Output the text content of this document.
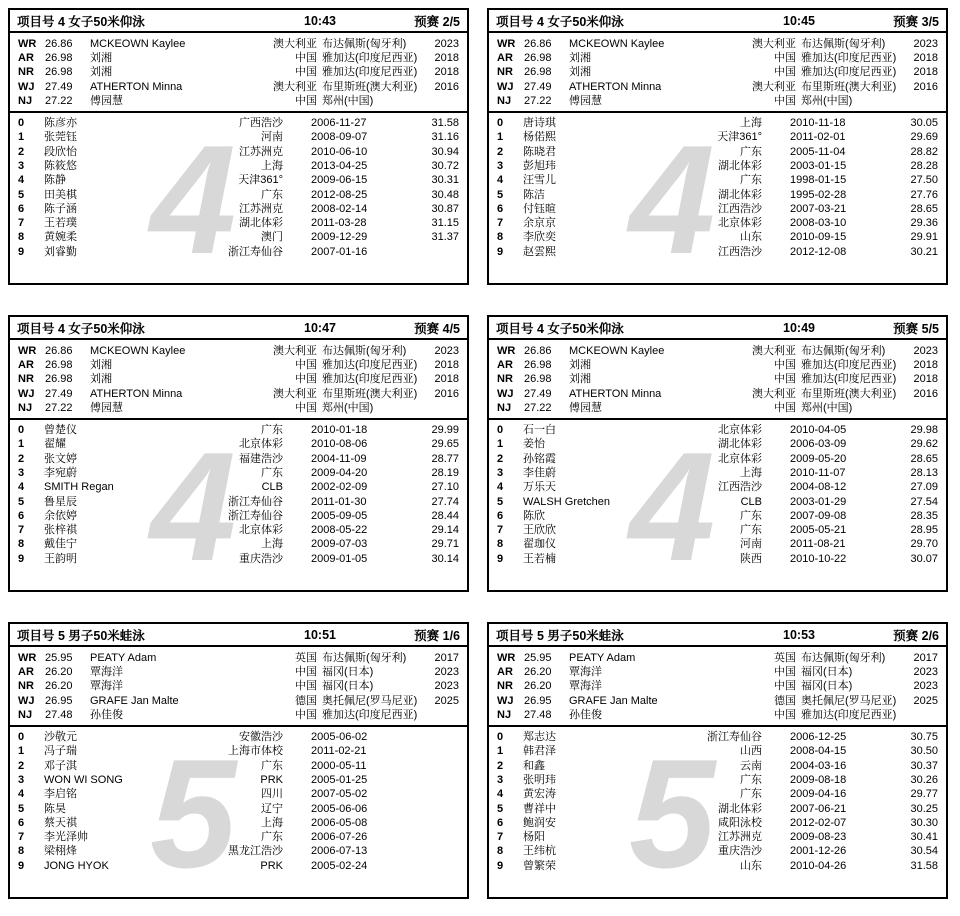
4
项目号 4 女子50米仰泳	10:43	预赛 2/5
WR 26.86	MCKEOWN Kaylee	澳大利亚 布达佩斯(匈牙利)	2023
AR	26.98	刘湘	中国 雅加达(印度尼西亚)	2018
NR	26.98	刘湘	中国 雅加达(印度尼西亚)	2018
WJ 27.49	ATHERTON Minna	澳大利亚 布里斯班(澳大利亚)	2016
NJ	27.22	傅园慧	中国 郑州(中国)
0	陈彦亦	广西浩沙	2006-11-27	31.58
1	张莞钰	河南	2008-09-07	31.16
2	段欣怡	江苏洲克	2010-06-10	30.94
3	陈筱悠	上海	2013-04-25	30.72
4	陈静	天津361°	2009-06-15	30.31
5	田美棋	广东	2012-08-25	30.48
6	陈子涵	江苏洲克	2008-02-14	30.87
7	王若璞	湖北体彩	2011-03-28	31.15
8	黄婉柔	澳门	2009-12-29	31.37
9	刘睿勤	浙江寿仙谷	2007-01-16 4
项目号 4 女子50米仰泳	10:45	预赛 3/5
WR 26.86	MCKEOWN Kaylee	澳大利亚 布达佩斯(匈牙利)	2023
AR	26.98	刘湘	中国 雅加达(印度尼西亚)	2018
NR	26.98	刘湘	中国 雅加达(印度尼西亚)	2018
WJ 27.49	ATHERTON Minna	澳大利亚 布里斯班(澳大利亚)	2016
NJ	27.22	傅园慧	中国 郑州(中国)
0	唐诗琪	上海	2010-11-18	30.05
1	杨偌熙	天津361°	2011-02-01	29.69
2	陈晓君	广东	2005-11-04	28.82
3	彭旭玮	湖北体彩	2003-01-15	28.28
4	汪雪儿	广东	1998-01-15	27.50
5	陈洁	湖北体彩	1995-02-28	27.76
6	付钰暄	江西浩沙	2007-03-21	28.65
7	余京京	北京体彩	2008-03-10	29.36
8	李欣奕	山东	2010-09-15	29.91
9	赵雲熙	江西浩沙	2012-12-08	30.21
4
项目号 4 女子50米仰泳	10:47	预赛 4/5
WR 26.86	MCKEOWN Kaylee	澳大利亚 布达佩斯(匈牙利)	2023
AR	26.98	刘湘	中国 雅加达(印度尼西亚)	2018
NR	26.98	刘湘	中国 雅加达(印度尼西亚)	2018
WJ 27.49	ATHERTON Minna	澳大利亚 布里斯班(澳大利亚)	2016
NJ	27.22	傅园慧	中国 郑州(中国)
0	曾楚仪	广东	2010-01-18	29.99
1	翟耀	北京体彩	2010-08-06	29.65
2	张文婷	福建浩沙	2004-11-09	28.77
3	李宛蔚	广东	2009-04-20	28.19
4	SMITH Regan	CLB	2002-02-09	27.10
5	鲁星辰	浙江寿仙谷	2011-01-30	27.74
6	余依婷	浙江寿仙谷	2005-09-05	28.44
7	张梓祺	北京体彩	2008-05-22	29.14
8	戴佳宁	上海	2009-07-03	29.71
9	王韵明	重庆浩沙	2009-01-05	30.14 4
项目号 4 女子50米仰泳	10:49	预赛 5/5
WR 26.86	MCKEOWN Kaylee	澳大利亚 布达佩斯(匈牙利)	2023
AR	26.98	刘湘	中国 雅加达(印度尼西亚)	2018
NR	26.98	刘湘	中国 雅加达(印度尼西亚)	2018
WJ 27.49	ATHERTON Minna	澳大利亚 布里斯班(澳大利亚)	2016
NJ	27.22	傅园慧	中国 郑州(中国)
0	石一白	北京体彩	2010-04-05	29.98
1	姜怡	湖北体彩	2006-03-09	29.62
2	孙铭霞	北京体彩	2009-05-20	28.65
3	李佳蔚	上海	2010-11-07	28.13
4	万乐天	江西浩沙	2004-08-12	27.09
5	WALSH Gretchen	CLB	2003-01-29	27.54
6	陈欣	广东	2007-09-08	28.35
7	王欣欣	广东	2005-05-21	28.95
8	翟珈仪	河南	2011-08-21	29.70
9	王若楠	陕西	2010-10-22	30.07
5
项目号 5 男子50米蛙泳	10:51	预赛 1/6
WR 25.95	PEATY Adam	英国 布达佩斯(匈牙利)	2017
AR	26.20	覃海洋	中国 福冈(日本)	2023
NR	26.20	覃海洋	中国 福冈(日本)	2023
WJ 26.95	GRAFE Jan Malte	德国 奥托佩尼(罗马尼亚)	2025
NJ	27.48	孙佳俊	中国 雅加达(印度尼西亚)
0	沙敬元	安徽浩沙	2005-06-02
1	冯子瑞	上海市体校	2011-02-21
2	邓子淇	广东	2000-05-11
3	WON WI SONG	PRK	2005-01-25
4	李启铭	四川	2007-05-02
5	陈昊	辽宁	2005-06-06
6	蔡天祺	上海	2006-05-08
7	李光泽帅	广东	2006-07-26
8	梁栩烽	黑龙江浩沙	2006-07-13
9	JONG HYOK	PRK	2005-02-24 5
项目号 5 男子50米蛙泳	10:53	预赛 2/6
WR 25.95	PEATY Adam	英国 布达佩斯(匈牙利)	2017
AR	26.20	覃海洋	中国 福冈(日本)	2023
NR	26.20	覃海洋	中国 福冈(日本)	2023
WJ 26.95	GRAFE Jan Malte	德国 奥托佩尼(罗马尼亚)	2025
NJ	27.48	孙佳俊	中国 雅加达(印度尼西亚)
0	郑志达	浙江寿仙谷	2006-12-25	30.75
1	韩君泽	山西	2008-04-15	30.50
2	和鑫	云南	2004-03-16	30.37
3	张明玮	广东	2009-08-18	30.26
4	黄宏涛	广东	2009-04-16	29.77
5	曹祥中	湖北体彩	2007-06-21	30.25
6	鲍润安	咸阳泳校	2012-02-07	30.30
7	杨阳	江苏洲克	2009-08-23	30.41
8	王纬杭	重庆浩沙	2001-12-26	30.54
9	曾繁荣	山东	2010-04-26	31.58
